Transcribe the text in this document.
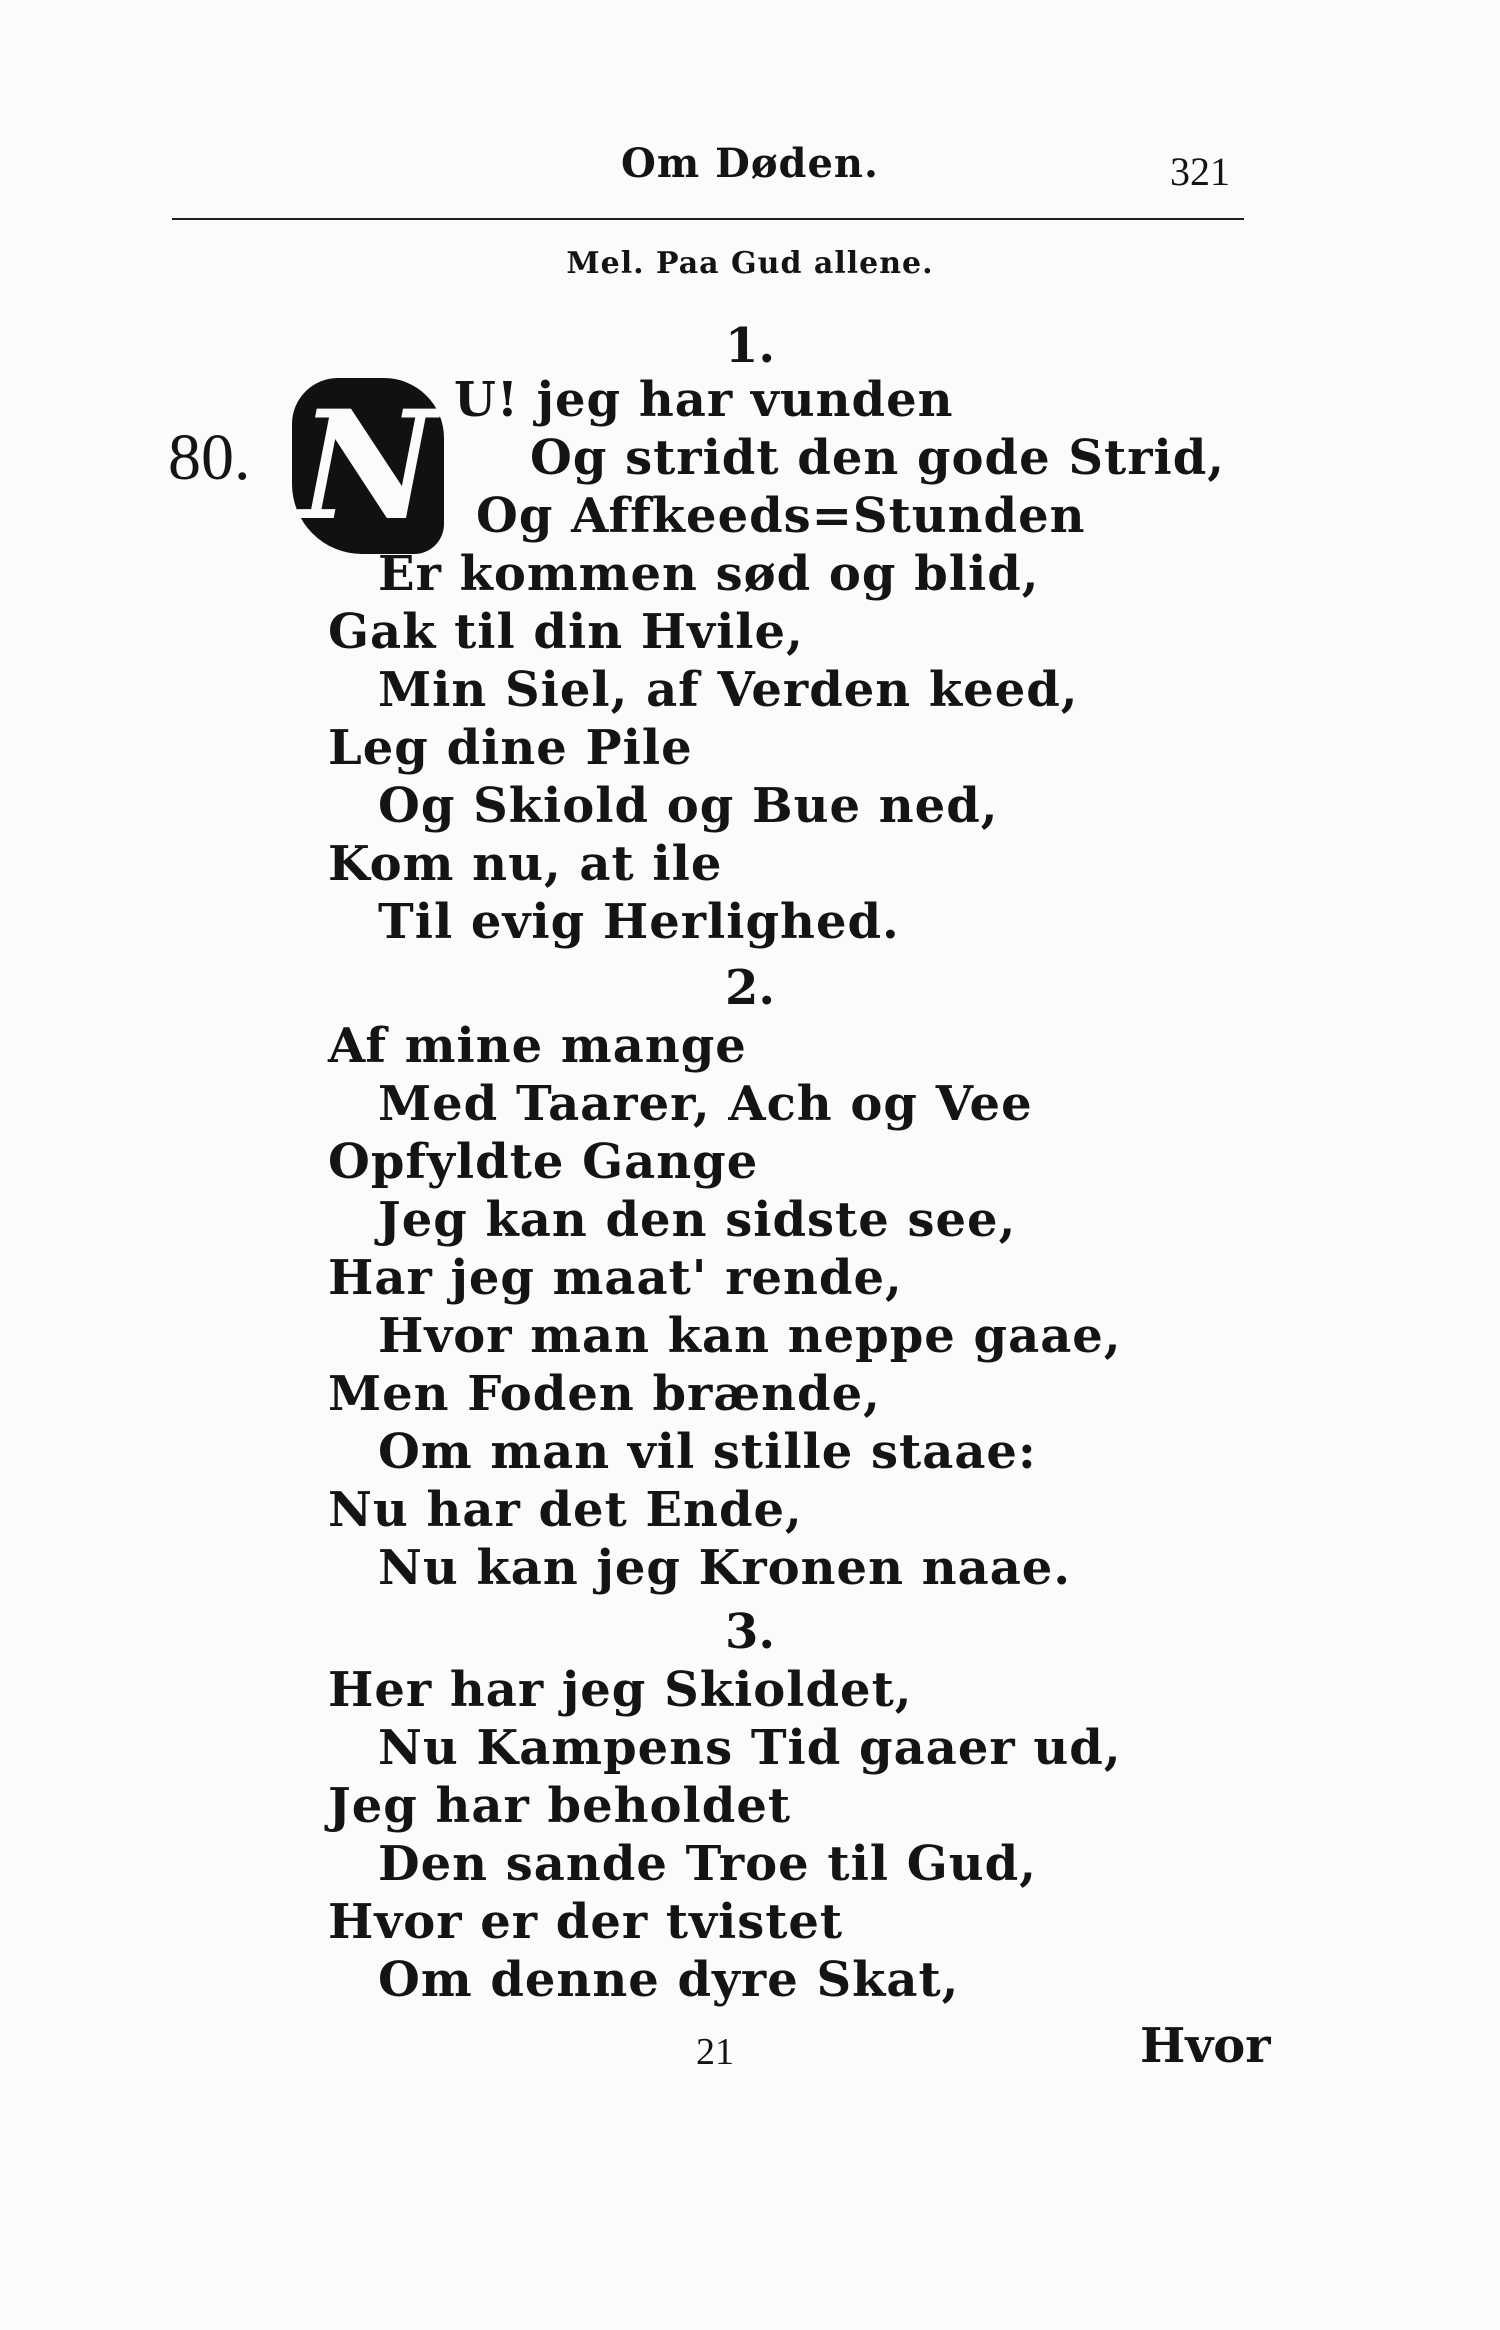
Om Døden.	321
Mel. Paa Gud allene.
1.
80. N U! jeg har vunden
Og stridt den gode Strid,
Og Affkeeds=Stunden
Er kommen sød og blid,
Gak til din Hvile,
Min Siel, af Verden keed,
Leg dine Pile
Og Skiold og Bue ned,
Kom nu, at ile
Til evig Herlighed.
2.
Af mine mange
Med Taarer, Ach og Vee
Opfyldte Gange
Jeg kan den sidste see,
Har jeg maat' rende,
Hvor man kan neppe gaae,
Men Foden brænde,
Om man vil stille staae:
Nu har det Ende,
Nu kan jeg Kronen naae.
3.
Her har jeg Skioldet,
Nu Kampens Tid gaaer ud,
Jeg har beholdet
Den sande Troe til Gud,
Hvor er der tvistet
Om denne dyre Skat,
21	Hvor
